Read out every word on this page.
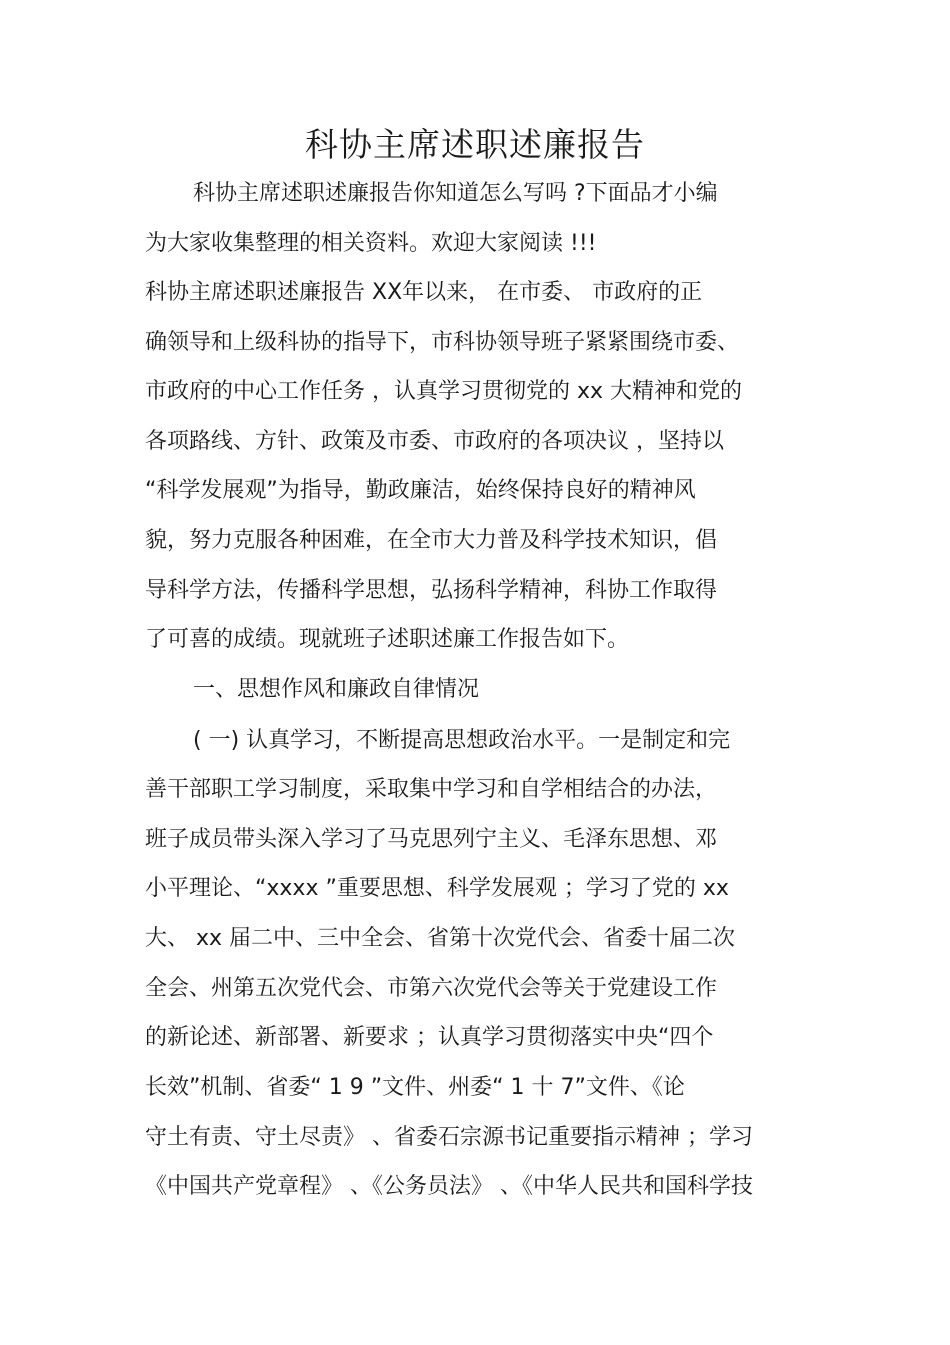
科协主席述职述廉报告
科协主席述职述廉报告你知道怎么写吗 ?下面品才小编
为大家收集整理的相关资料。欢迎大家阅读 !!!
科协主席述职述廉报告 XX年以来， 在市委、 市政府的正
确领导和上级科协的指导下，市科协领导班子紧紧围绕市委、
市政府的中心工作任务 ，认真学习贯彻党的 xx 大精神和党的
各项路线、方针、政策及市委、市政府的各项决议 ，坚持以
“科学发展观”为指导，勤政廉洁，始终保持良好的精神风
貌，努力克服各种困难，在全市大力普及科学技术知识，倡
导科学方法，传播科学思想，弘扬科学精神，科协工作取得
了可喜的成绩。现就班子述职述廉工作报告如下。
一、思想作风和廉政自律情况
( 一) 认真学习，不断提高思想政治水平。一是制定和完
善干部职工学习制度，采取集中学习和自学相结合的办法，
班子成员带头深入学习了马克思列宁主义、毛泽东思想、邓
小平理论、“xxxx ”重要思想、科学发展观 ；学习了党的 xx
大、 xx 届二中、三中全会、省第十次党代会、省委十届二次
全会、州第五次党代会、市第六次党代会等关于党建设工作
的新论述、新部署、新要求 ；认真学习贯彻落实中央“四个
长效”机制、省委“ 1 9 ”文件、州委“ 1 十 7”文件、《论
守土有责、守土尽责》 、省委石宗源书记重要指示精神 ；学习
《中国共产党章程》 、《公务员法》 、《中华人民共和国科学技
